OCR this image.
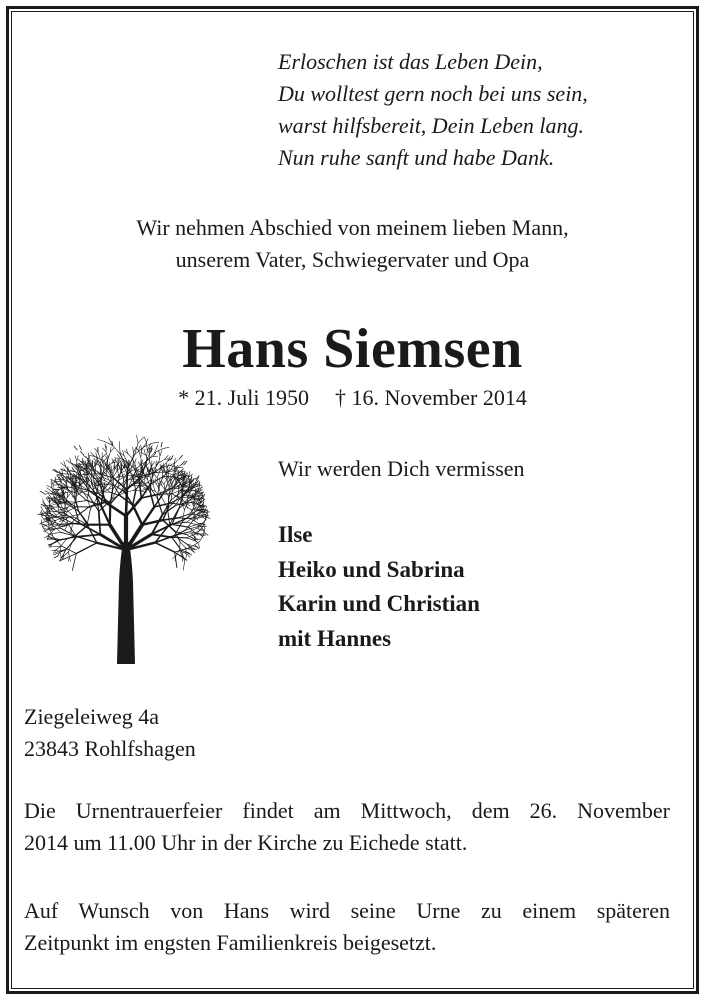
Erloschen ist das Leben Dein,
Du wolltest gern noch bei uns sein,
warst hilfsbereit, Dein Leben lang.
Nun ruhe sanft und habe Dank.
Wir nehmen Abschied von meinem lieben Mann,
unserem Vater, Schwiegervater und Opa
Hans Siemsen
* 21. Juli 1950 † 16. November 2014
Wir werden Dich vermissen
Ilse
Heiko und Sabrina
Karin und Christian
mit Hannes
Ziegeleiweg 4a
23843 Rohlfshagen
Die Urnentrauerfeier findet am Mittwoch, dem 26. November
2014 um 11.00 Uhr in der Kirche zu Eichede statt.
Auf Wunsch von Hans wird seine Urne zu einem späteren
Zeitpunkt im engsten Familienkreis beigesetzt.
